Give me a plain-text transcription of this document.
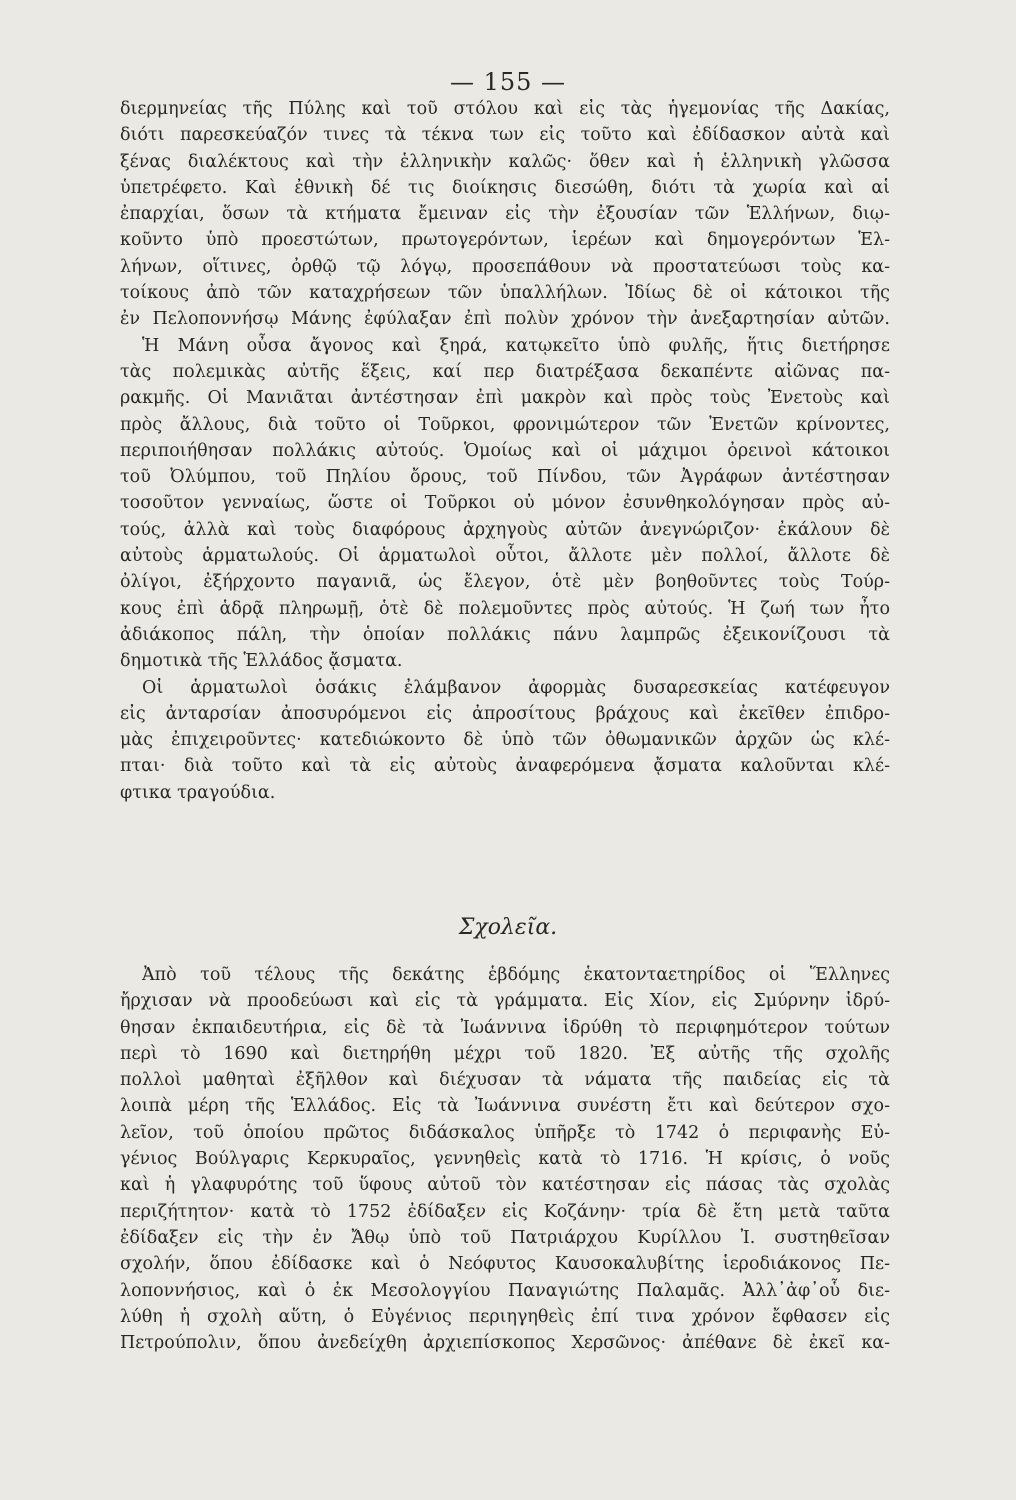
— 155 —
διερμηνείας τῆς Πύλης καὶ τοῦ στόλου καὶ εἰς τὰς ἡγεμονίας τῆς Δακίας,
διότι παρεσκεύαζόν τινες τὰ τέκνα των εἰς τοῦτο καὶ ἐδίδασκον αὐτὰ καὶ
ξένας διαλέκτους καὶ τὴν ἑλληνικὴν καλῶς· ὅθεν καὶ ἡ ἑλληνικὴ γλῶσσα
ὑπετρέφετο. Καὶ ἐθνικὴ δέ τις διοίκησις διεσώθη, διότι τὰ χωρία καὶ αἱ
ἐπαρχίαι, ὅσων τὰ κτήματα ἔμειναν εἰς τὴν ἐξουσίαν τῶν Ἑλλήνων, διῳ-
κοῦντο ὑπὸ προεστώτων, πρωτογερόντων, ἱερέων καὶ δημογερόντων Ἑλ-
λήνων, οἵτινες, ὀρθῷ τῷ λόγῳ, προσεπάθουν νὰ προστατεύωσι τοὺς κα-
τοίκους ἀπὸ τῶν καταχρήσεων τῶν ὑπαλλήλων. Ἰδίως δὲ οἱ κάτοικοι τῆς
ἐν Πελοποννήσῳ Μάνης ἐφύλαξαν ἐπὶ πολὺν χρόνον τὴν ἀνεξαρτησίαν αὐτῶν.
Ἡ Μάνη οὖσα ἄγονος καὶ ξηρά, κατῳκεῖτο ὑπὸ φυλῆς, ἥτις διετήρησε
τὰς πολεμικὰς αὐτῆς ἕξεις, καί περ διατρέξασα δεκαπέντε αἰῶνας πα-
ρακμῆς. Οἱ Μανιᾶται ἀντέστησαν ἐπὶ μακρὸν καὶ πρὸς τοὺς Ἐνετοὺς καὶ
πρὸς ἄλλους, διὰ τοῦτο οἱ Τοῦρκοι, φρονιμώτερον τῶν Ἐνετῶν κρίνοντες,
περιποιήθησαν πολλάκις αὐτούς. Ὁμοίως καὶ οἱ μάχιμοι ὀρεινοὶ κάτοικοι
τοῦ Ὀλύμπου, τοῦ Πηλίου ὄρους, τοῦ Πίνδου, τῶν Ἀγράφων ἀντέστησαν
τοσοῦτον γενναίως, ὥστε οἱ Τοῦρκοι οὐ μόνον ἐσυνθηκολόγησαν πρὸς αὐ-
τούς, ἀλλὰ καὶ τοὺς διαφόρους ἀρχηγοὺς αὐτῶν ἀνεγνώριζον· ἐκάλουν δὲ
αὐτοὺς ἁρματωλούς. Οἱ ἁρματωλοὶ οὗτοι, ἄλλοτε μὲν πολλοί, ἄλλοτε δὲ
ὀλίγοι, ἐξήρχοντο παγανιᾶ, ὡς ἔλεγον, ὁτὲ μὲν βοηθοῦντες τοὺς Τούρ-
κους ἐπὶ ἁδρᾷ πληρωμῇ, ὁτὲ δὲ πολεμοῦντες πρὸς αὐτούς. Ἡ ζωή των ἦτο
ἀδιάκοπος πάλη, τὴν ὁποίαν πολλάκις πάνυ λαμπρῶς ἐξεικονίζουσι τὰ
δημοτικὰ τῆς Ἑλλάδος ᾄσματα.
Οἱ ἁρματωλοὶ ὁσάκις ἐλάμβανον ἀφορμὰς δυσαρεσκείας κατέφευγον
εἰς ἀνταρσίαν ἀποσυρόμενοι εἰς ἀπροσίτους βράχους καὶ ἐκεῖθεν ἐπιδρο-
μὰς ἐπιχειροῦντες· κατεδιώκοντο δὲ ὑπὸ τῶν ὀθωμανικῶν ἀρχῶν ὡς κλέ-
πται· διὰ τοῦτο καὶ τὰ εἰς αὐτοὺς ἀναφερόμενα ᾄσματα καλοῦνται κλέ-
φτικα τραγούδια.
Σχολεῖα.
Ἀπὸ τοῦ τέλους τῆς δεκάτης ἑβδόμης ἑκατονταετηρίδος οἱ Ἕλληνες
ἤρχισαν νὰ προοδεύωσι καὶ εἰς τὰ γράμματα. Εἰς Χίον, εἰς Σμύρνην ἱδρύ-
θησαν ἐκπαιδευτήρια, εἰς δὲ τὰ Ἰωάννινα ἱδρύθη τὸ περιφημότερον τούτων
περὶ τὸ 1690 καὶ διετηρήθη μέχρι τοῦ 1820. Ἐξ αὐτῆς τῆς σχολῆς
πολλοὶ μαθηταὶ ἐξῆλθον καὶ διέχυσαν τὰ νάματα τῆς παιδείας εἰς τὰ
λοιπὰ μέρη τῆς Ἑλλάδος. Εἰς τὰ Ἰωάννινα συνέστη ἔτι καὶ δεύτερον σχο-
λεῖον, τοῦ ὁποίου πρῶτος διδάσκαλος ὑπῆρξε τὸ 1742 ὁ περιφανὴς Εὐ-
γένιος Βούλγαρις Κερκυραῖος, γεννηθεὶς κατὰ τὸ 1716. Ἡ κρίσις, ὁ νοῦς
καὶ ἡ γλαφυρότης τοῦ ὕφους αὐτοῦ τὸν κατέστησαν εἰς πάσας τὰς σχολὰς
περιζήτητον· κατὰ τὸ 1752 ἐδίδαξεν εἰς Κοζάνην· τρία δὲ ἔτη μετὰ ταῦτα
ἐδίδαξεν εἰς τὴν ἐν Ἄθῳ ὑπὸ τοῦ Πατριάρχου Κυρίλλου Ἰ. συστηθεῖσαν
σχολήν, ὅπου ἐδίδασκε καὶ ὁ Νεόφυτος Καυσοκαλυβίτης ἱεροδιάκονος Πε-
λοποννήσιος, καὶ ὁ ἐκ Μεσολογγίου Παναγιώτης Παλαμᾶς. Ἀλλ᾽ἀφ᾽οὗ διε-
λύθη ἡ σχολὴ αὕτη, ὁ Εὐγένιος περιηγηθεὶς ἐπί τινα χρόνον ἔφθασεν εἰς
Πετρούπολιν, ὅπου ἀνεδείχθη ἀρχιεπίσκοπος Χερσῶνος· ἀπέθανε δὲ ἐκεῖ κα-
